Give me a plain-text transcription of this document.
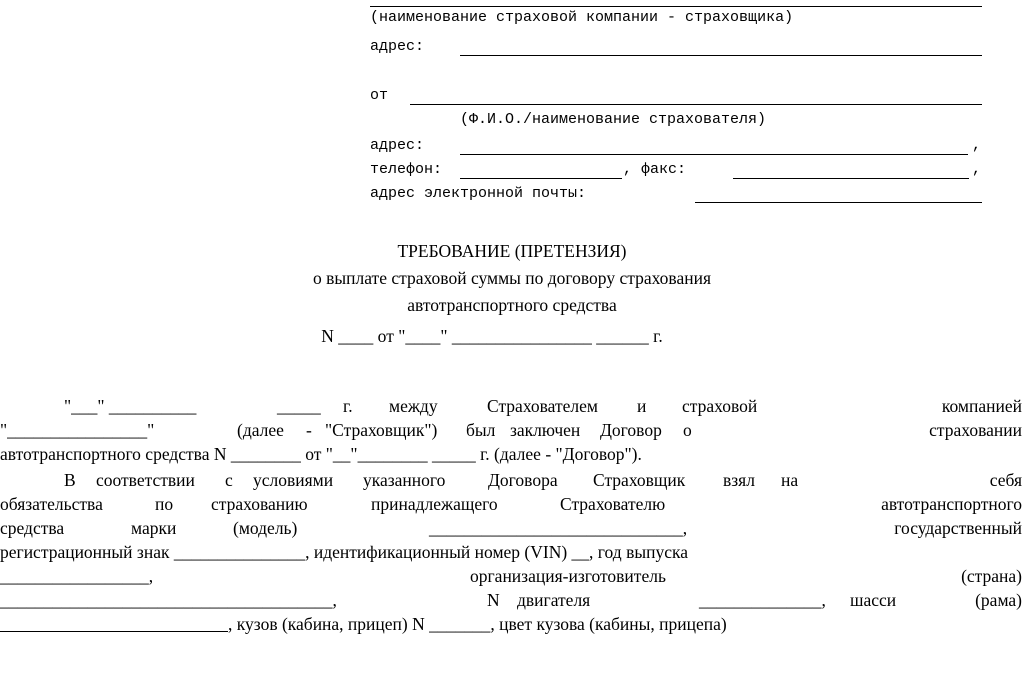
(наименование страховой компании - страховщика)
адрес:
от
(Ф.И.О./наименование страхователя)
адрес:	,
телефон:	, факс:	,
адрес электронной почты:
ТРЕБОВАНИЕ (ПРЕТЕНЗИЯ)
о выплате страховой суммы по договору страхования
автотранспортного средства
N ____ от "____" ________________ ______ г.
"___" __________	_____ г. между	Страхователем и страховой	компанией
"________________"	(далее - "Страховщик") был заключен Договор о	страховании
автотранспортного средства N ________ от "__"________ _____ г. (далее - "Договор").
В соответствии с условиями указанного Договора Страховщик взял на	себя
обязательства	по страхованию	принадлежащего	Страхователю	автотранспортного
средства	марки	(модель)	_____________________________,	государственный
регистрационный знак _______________, идентификационный номер (VIN) __, год выпуска
_________________,	организация-изготовитель	(страна)
______________________________________,	N двигателя	______________, шасси	(рама)
, кузов (кабина, прицеп) N _______, цвет кузова (кабины, прицепа)
